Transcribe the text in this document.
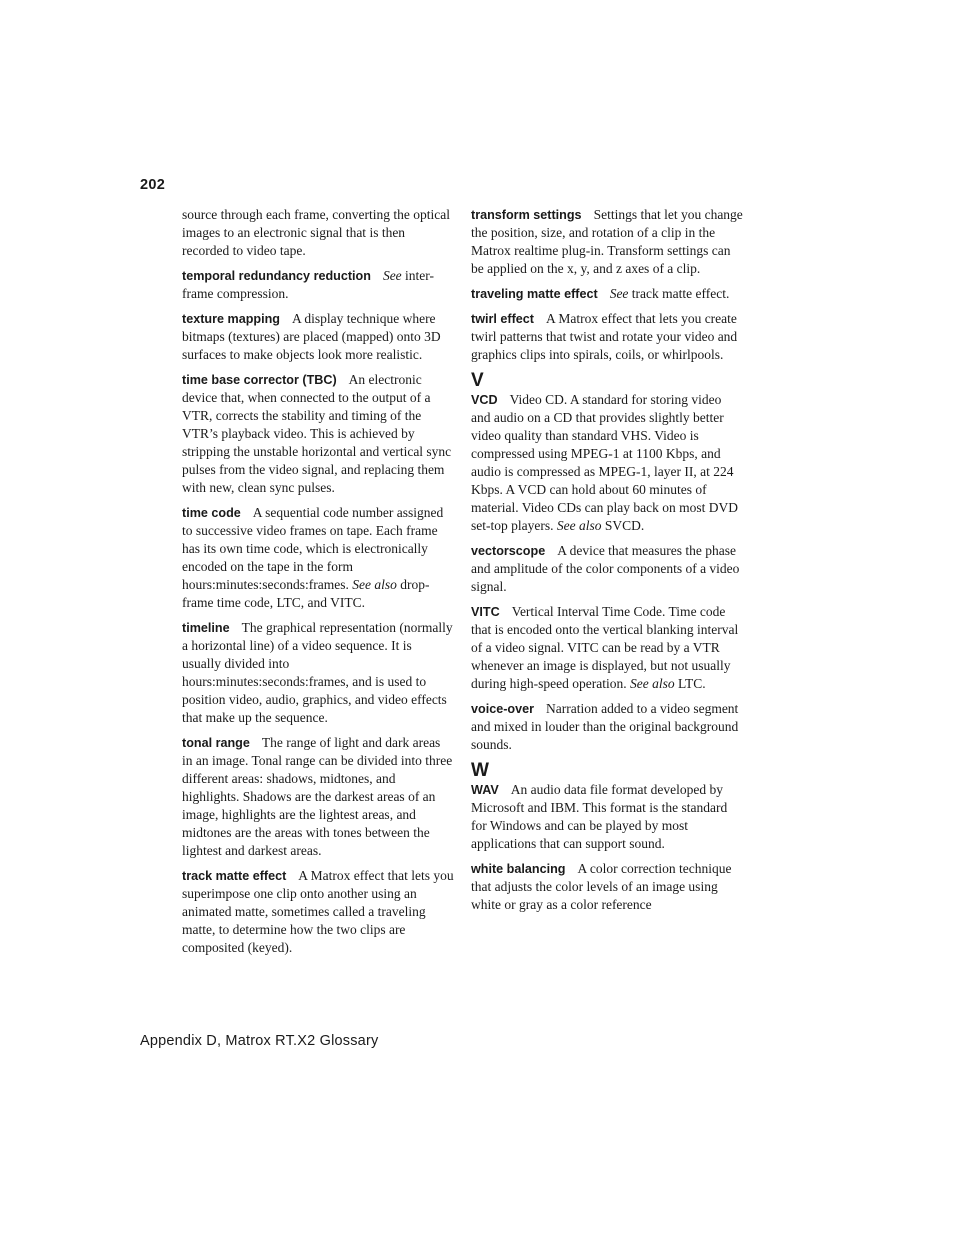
202

source through each frame, converting the optical images to an electronic signal that is then recorded to video tape.

temporal redundancy reduction See inter-frame compression.

texture mapping A display technique where bitmaps (textures) are placed (mapped) onto 3D surfaces to make objects look more realistic.

time base corrector (TBC) An electronic device that, when connected to the output of a VTR, corrects the stability and timing of the VTR’s playback video. This is achieved by stripping the unstable horizontal and vertical sync pulses from the video signal, and replacing them with new, clean sync pulses.

time code A sequential code number assigned to successive video frames on tape. Each frame has its own time code, which is electronically encoded on the tape in the form hours:minutes:seconds:frames. See also drop-frame time code, LTC, and VITC.

timeline The graphical representation (normally a horizontal line) of a video sequence. It is usually divided into hours:minutes:seconds:frames, and is used to position video, audio, graphics, and video effects that make up the sequence.

tonal range The range of light and dark areas in an image. Tonal range can be divided into three different areas: shadows, midtones, and highlights. Shadows are the darkest areas of an image, highlights are the lightest areas, and midtones are the areas with tones between the lightest and darkest areas.

track matte effect A Matrox effect that lets you superimpose one clip onto another using an animated matte, sometimes called a traveling matte, to determine how the two clips are composited (keyed).

transform settings Settings that let you change the position, size, and rotation of a clip in the Matrox realtime plug-in. Transform settings can be applied on the x, y, and z axes of a clip.

traveling matte effect See track matte effect.

twirl effect A Matrox effect that lets you create twirl patterns that twist and rotate your video and graphics clips into spirals, coils, or whirlpools.

V

VCD Video CD. A standard for storing video and audio on a CD that provides slightly better video quality than standard VHS. Video is compressed using MPEG-1 at 1100 Kbps, and audio is compressed as MPEG-1, layer II, at 224 Kbps. A VCD can hold about 60 minutes of material. Video CDs can play back on most DVD set-top players. See also SVCD.

vectorscope A device that measures the phase and amplitude of the color components of a video signal.

VITC Vertical Interval Time Code. Time code that is encoded onto the vertical blanking interval of a video signal. VITC can be read by a VTR whenever an image is displayed, but not usually during high-speed operation. See also LTC.

voice-over Narration added to a video segment and mixed in louder than the original background sounds.

W

WAV An audio data file format developed by Microsoft and IBM. This format is the standard for Windows and can be played by most applications that can support sound.

white balancing A color correction technique that adjusts the color levels of an image using white or gray as a color reference

Appendix D, Matrox RT.X2 Glossary
